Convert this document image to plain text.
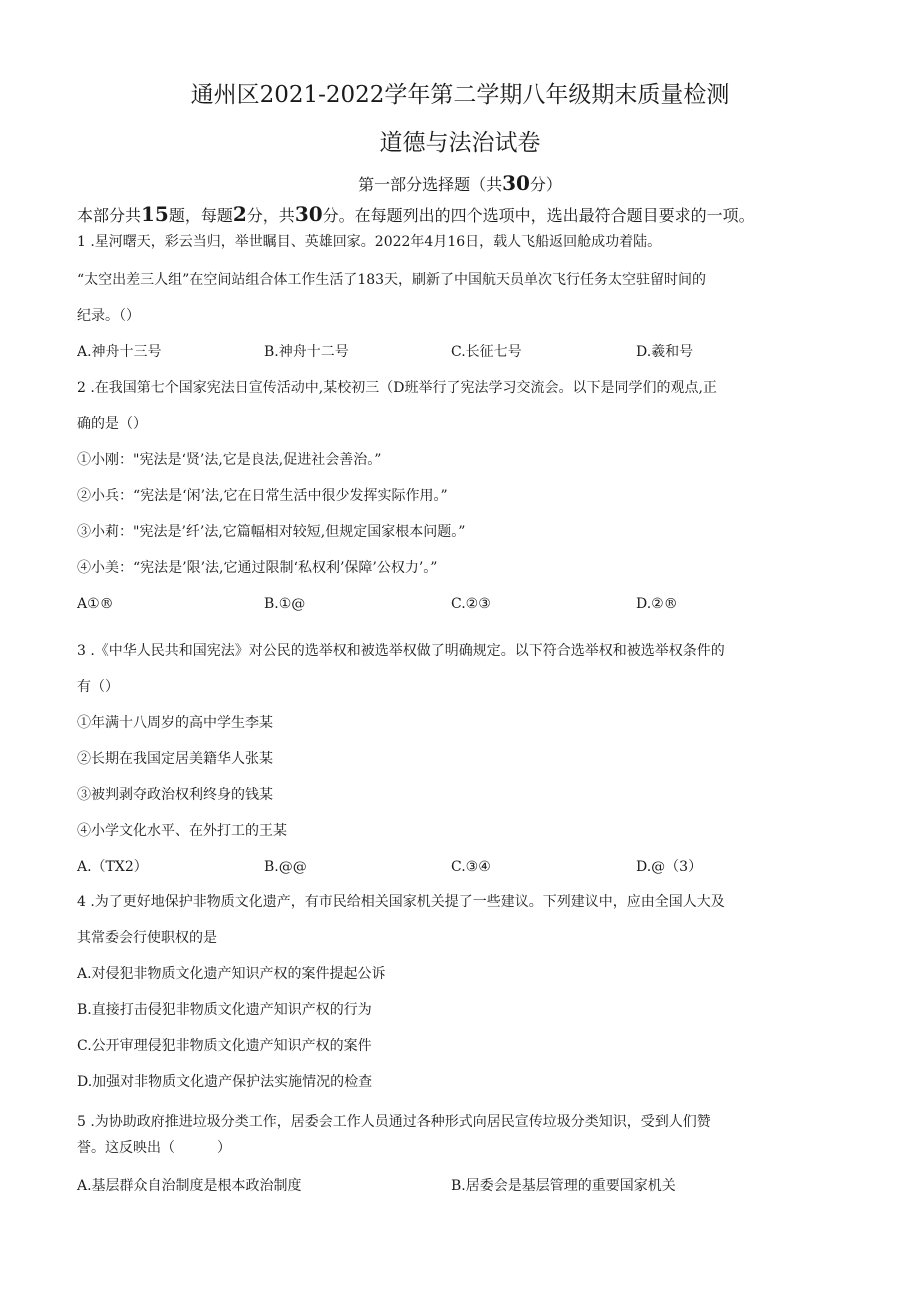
通州区2021-2022学年第二学期八年级期末质量检测
道德与法治试卷
第一部分选择题（共30分）
本部分共15题，每题2分，共30分。在每题列出的四个选项中，选出最符合题目要求的一项。
1 .星河曙天，彩云当归，举世瞩目、英雄回家。2022年4月16日，载人飞船返回舱成功着陆。
“太空出差三人组”在空间站组合体工作生活了183天，刷新了中国航天员单次飞行任务太空驻留时间的
纪录。（）
A.神舟十三号	B.神舟十二号	C.长征七号	D.羲和号
2 .在我国第七个国家宪法日宣传活动中,某校初三（D班举行了宪法学习交流会。以下是同学们的观点,正
确的是（）
①小刚："宪法是‘贤’法,它是良法,促进社会善治。”
②小兵：“宪法是‘闲’法,它在日常生活中很少发挥实际作用。”
③小莉："宪法是’纤’法,它篇幅相对较短,但规定国家根本问题。”
④小美：“宪法是’限’法,它通过限制‘私权利’保障’公权力’。”
A①®	B.①@	C.②③	D.②®
3 .《中华人民共和国宪法》对公民的选举权和被选举权做了明确规定。以下符合选举权和被选举权条件的
有（）
①年满十八周岁的高中学生李某
②长期在我国定居美籍华人张某
③被判剥夺政治权利终身的钱某
④小学文化水平、在外打工的王某
A.（TX2）	B.@@	C.③④	D.@（3）
4 .为了更好地保护非物质文化遗产，有市民给相关国家机关提了一些建议。下列建议中，应由全国人大及
其常委会行使职权的是
A.对侵犯非物质文化遗产知识产权的案件提起公诉
B.直接打击侵犯非物质文化遗产知识产权的行为
C.公开审理侵犯非物质文化遗产知识产权的案件
D.加强对非物质文化遗产保护法实施情况的检查
5 .为协助政府推进垃圾分类工作，居委会工作人员通过各种形式向居民宣传垃圾分类知识，受到人们赞
誉。这反映出（　　　）
A.基层群众自治制度是根本政治制度	B.居委会是基层管理的重要国家机关
